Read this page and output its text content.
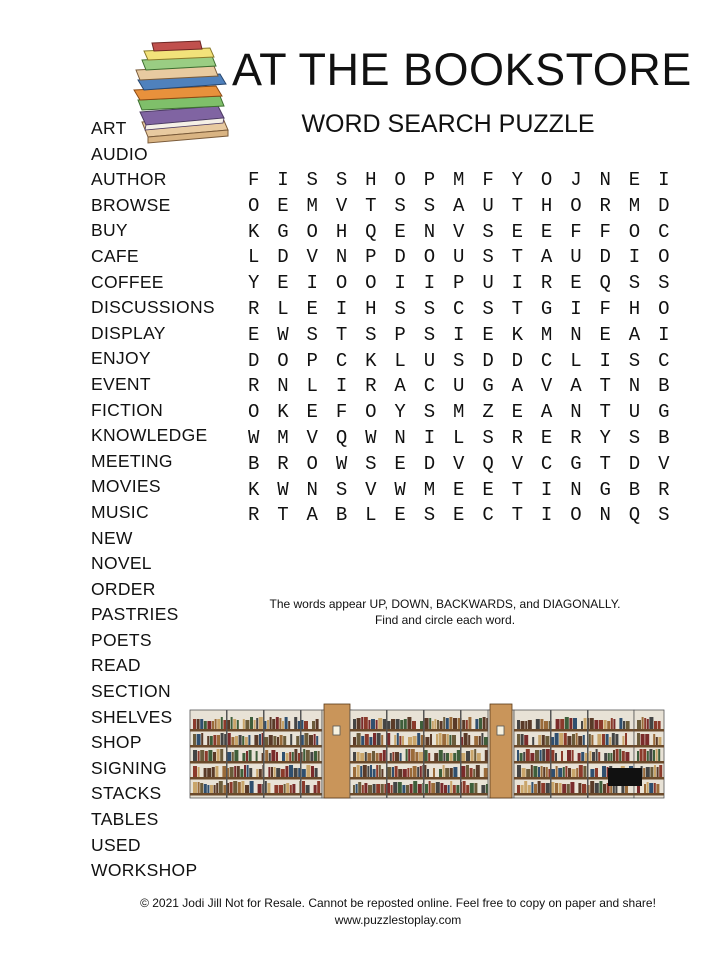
AT THE BOOKSTORE
WORD SEARCH PUZZLE
ART
AUDIO
AUTHOR
BROWSE
BUY
CAFE
COFFEE
DISCUSSIONS
DISPLAY
ENJOY
EVENT
FICTION
KNOWLEDGE
MEETING
MOVIES
MUSIC
NEW
NOVEL
ORDER
PASTRIES
POETS
READ
SECTION
SHELVES
SHOP
SIGNING
STACKS
TABLES
USED
WORKSHOP
F I S S H O P M F Y O J N E I
O E M V T S S A U T H O R M D
K G O H Q E N V S E E F F O C
L D V N P D O U S T A U D I O
Y E I O O I I P U I R E Q S S
R L E I H S S C S T G I F H O
E W S T S P S I E K M N E A I
D O P C K L U S D D C L I S C
R N L I R A C U G A V A T N B
O K E F O Y S M Z E A N T U G
W M V Q W N I L S R E R Y S B
B R O W S E D V Q V C G T D V
K W N S V W M E E T I N G B R
R T A B L E S E C T I O N Q S
The words appear UP, DOWN, BACKWARDS, and DIAGONALLY.
Find and circle each word.
© 2021 Jodi Jill Not for Resale. Cannot be reposted online. Feel free to copy on paper and share!
www.puzzlestoplay.com
